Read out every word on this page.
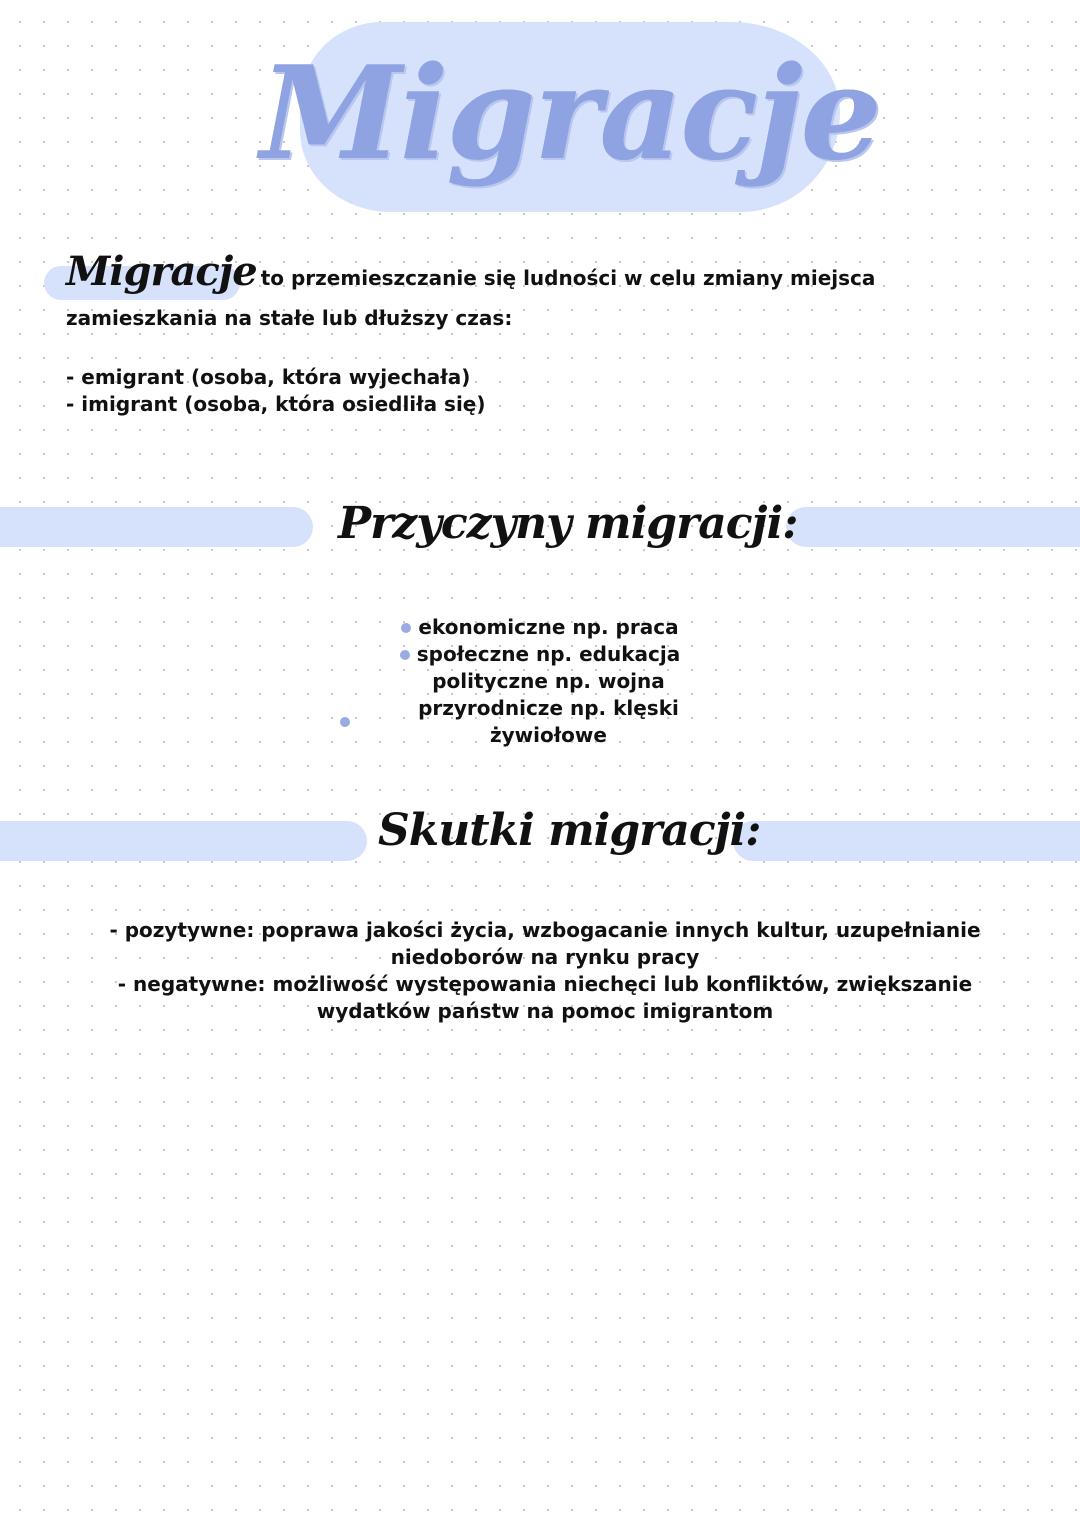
Migracje
Migracje to przemieszczanie się ludności w celu zmiany miejsca zamieszkania na stałe lub dłuższy czas:
- emigrant (osoba, która wyjechała)
- imigrant (osoba, która osiedliła się)
Przyczyny migracji:
ekonomiczne np. praca
społeczne np. edukacja
polityczne np. wojna
przyrodnicze np. klęski żywiołowe
Skutki migracji:
- pozytywne: poprawa jakości życia, wzbogacanie innych kultur, uzupełnianie niedoborów na rynku pracy
- negatywne: możliwość występowania niechęci lub konfliktów, zwiększanie wydatków państw na pomoc imigrantom
